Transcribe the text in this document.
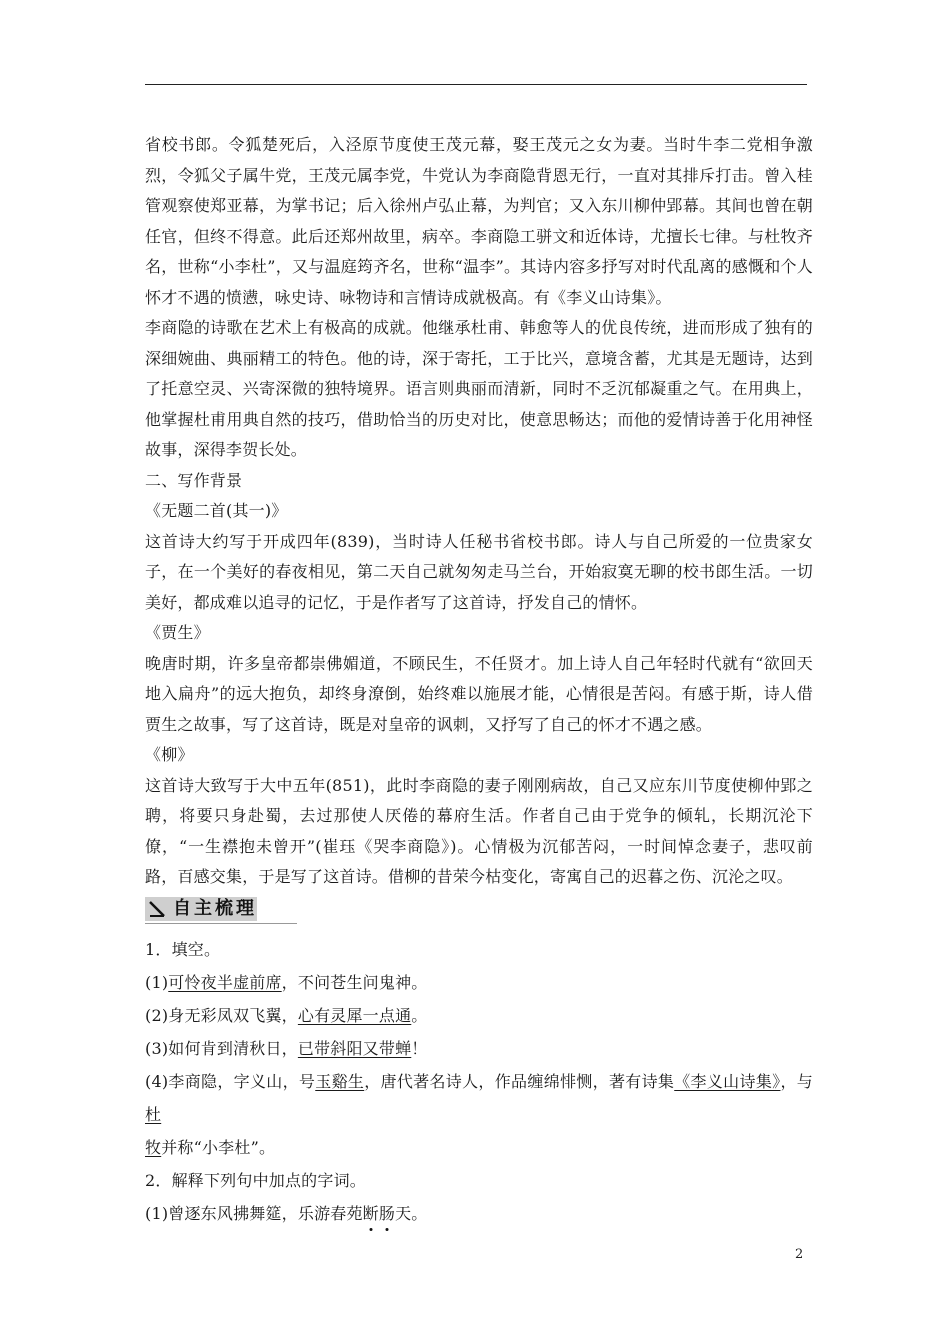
省校书郎。令狐楚死后，入泾原节度使王茂元幕，娶王茂元之女为妻。当时牛李二党相争激烈，令狐父子属牛党，王茂元属李党，牛党认为李商隐背恩无行，一直对其排斥打击。曾入桂管观察使郑亚幕，为掌书记；后入徐州卢弘止幕，为判官；又入东川柳仲郢幕。其间也曾在朝任官，但终不得意。此后还郑州故里，病卒。李商隐工骈文和近体诗，尤擅长七律。与杜牧齐名，世称“小李杜”，又与温庭筠齐名，世称“温李”。其诗内容多抒写对时代乱离的感慨和个人怀才不遇的愤懑，咏史诗、咏物诗和言情诗成就极高。有《李义山诗集》。

李商隐的诗歌在艺术上有极高的成就。他继承杜甫、韩愈等人的优良传统，进而形成了独有的深细婉曲、典丽精工的特色。他的诗，深于寄托，工于比兴，意境含蓄，尤其是无题诗，达到了托意空灵、兴寄深微的独特境界。语言则典丽而清新，同时不乏沉郁凝重之气。在用典上，他掌握杜甫用典自然的技巧，借助恰当的历史对比，使意思畅达；而他的爱情诗善于化用神怪故事，深得李贺长处。

二、写作背景

《无题二首(其一)》

这首诗大约写于开成四年(839)，当时诗人任秘书省校书郎。诗人与自己所爱的一位贵家女子，在一个美好的春夜相见，第二天自己就匆匆走马兰台，开始寂寞无聊的校书郎生活。一切美好，都成难以追寻的记忆，于是作者写了这首诗，抒发自己的情怀。

《贾生》

晚唐时期，许多皇帝都崇佛媚道，不顾民生，不任贤才。加上诗人自己年轻时代就有“欲回天地入扁舟”的远大抱负，却终身潦倒，始终难以施展才能，心情很是苦闷。有感于斯，诗人借贾生之故事，写了这首诗，既是对皇帝的讽刺，又抒写了自己的怀才不遇之感。

《柳》

这首诗大致写于大中五年(851)，此时李商隐的妻子刚刚病故，自己又应东川节度使柳仲郢之聘，将要只身赴蜀，去过那使人厌倦的幕府生活。作者自己由于党争的倾轧，长期沉沦下僚，“一生襟抱未曾开”(崔珏《哭李商隐》)。心情极为沉郁苦闷，一时间悼念妻子，悲叹前路，百感交集，于是写了这首诗。借柳的昔荣今枯变化，寄寓自己的迟暮之伤、沉沦之叹。

自主梳理

1．填空。

(1)可怜夜半虚前席，不问苍生问鬼神。

(2)身无彩凤双飞翼，心有灵犀一点通。

(3)如何肯到清秋日，已带斜阳又带蝉！

(4)李商隐，字义山，号玉谿生，唐代著名诗人，作品缠绵悱恻，著有诗集《李义山诗集》，与杜
牧并称“小李杜”。

2．解释下列句中加点的字词。

(1)曾逐东风拂舞筵，乐游春苑断肠天。

2
